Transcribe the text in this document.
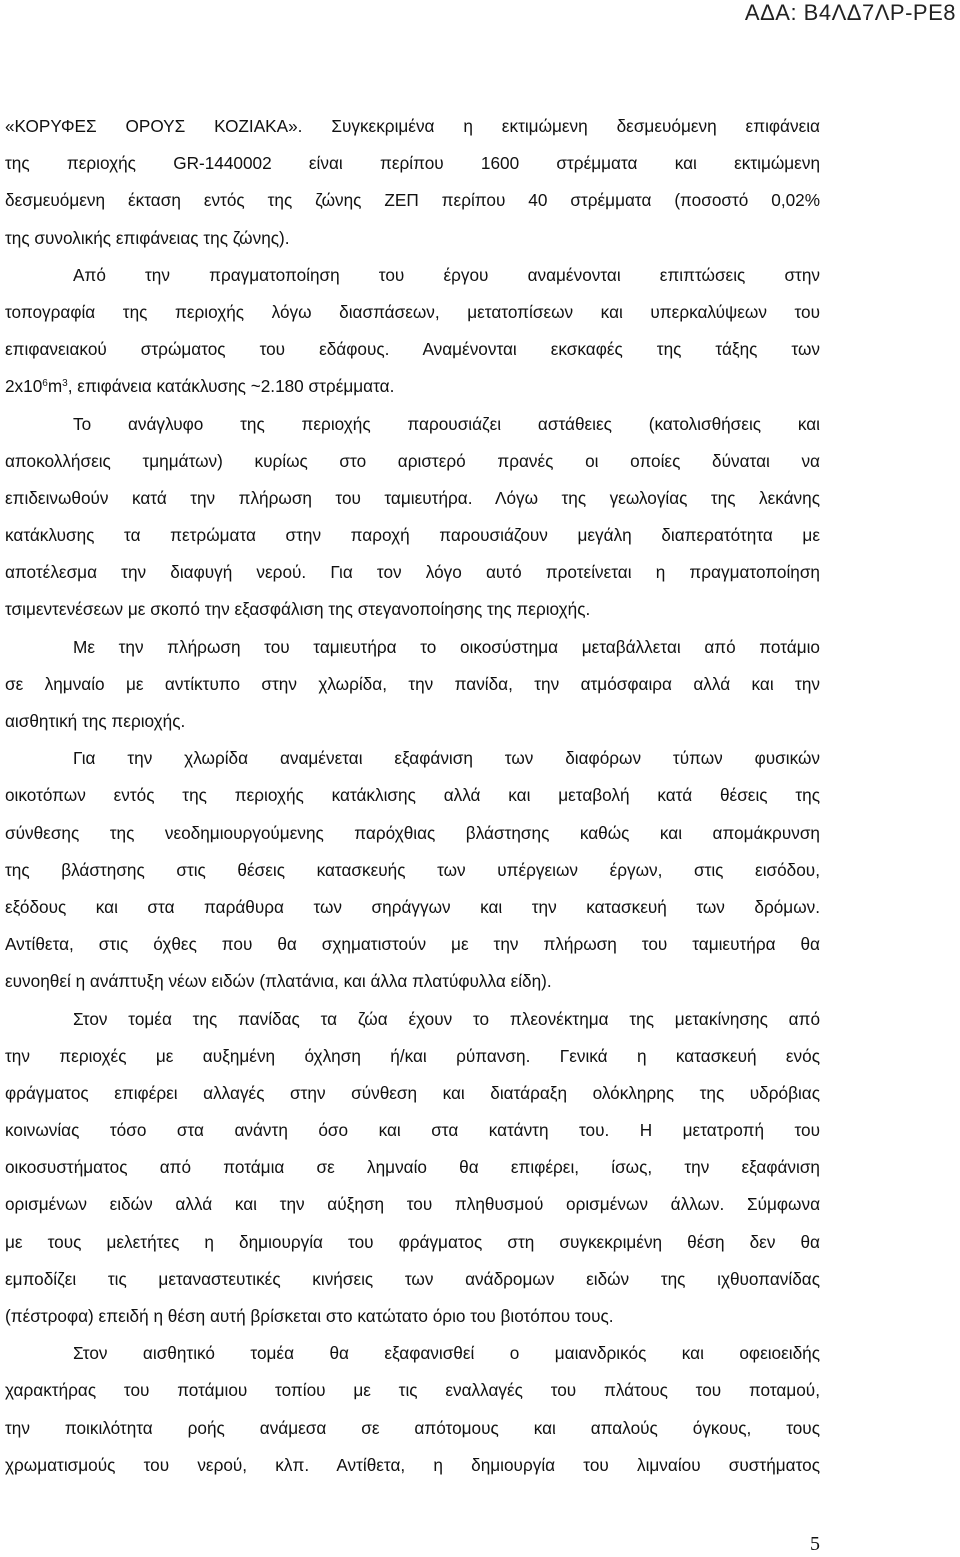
ΑΔΑ: Β4ΛΔ7ΛΡ-ΡΕ8
«ΚΟΡΥΦΕΣ ΟΡΟΥΣ ΚΟΖΙΑΚΑ». Συγκεκριμένα η εκτιμώμενη δεσμευόμενη επιφάνεια
της περιοχής GR-1440002 είναι περίπου 1600 στρέμματα και εκτιμώμενη
δεσμευόμενη έκταση εντός της ζώνης ΖΕΠ περίπου 40 στρέμματα (ποσοστό 0,02%
της συνολικής επιφάνειας της ζώνης).
Από την πραγματοποίηση του έργου αναμένονται επιπτώσεις στην
τοπογραφία της περιοχής λόγω διασπάσεων, μετατοπίσεων και υπερκαλύψεων του
επιφανειακού στρώματος του εδάφους. Αναμένονται εκσκαφές της τάξης των
$2x10^6m^3$, επιφάνεια κατάκλυσης ~2.180 στρέμματα.
Το ανάγλυφο της περιοχής παρουσιάζει αστάθειες (κατολισθήσεις και
αποκολλήσεις τμημάτων) κυρίως στο αριστερό πρανές οι οποίες δύναται να
επιδεινωθούν κατά την πλήρωση του ταμιευτήρα. Λόγω της γεωλογίας της λεκάνης
κατάκλυσης τα πετρώματα στην παροχή παρουσιάζουν μεγάλη διαπερατότητα με
αποτέλεσμα την διαφυγή νερού. Για τον λόγο αυτό προτείνεται η πραγματοποίηση
τσιμεντενέσεων με σκοπό την εξασφάλιση της στεγανοποίησης της περιοχής.
Με την πλήρωση του ταμιευτήρα το οικοσύστημα μεταβάλλεται από ποτάμιο
σε λημναίο με αντίκτυπο στην χλωρίδα, την πανίδα, την ατμόσφαιρα αλλά και την
αισθητική της περιοχής.
Για την χλωρίδα αναμένεται εξαφάνιση των διαφόρων τύπων φυσικών
οικοτόπων εντός της περιοχής κατάκλισης αλλά και μεταβολή κατά θέσεις της
σύνθεσης της νεοδημιουργούμενης παρόχθιας βλάστησης καθώς και απομάκρυνση
της βλάστησης στις θέσεις κατασκευής των υπέργειων έργων, στις εισόδου,
εξόδους και στα παράθυρα των σηράγγων και την κατασκευή των δρόμων.
Αντίθετα, στις όχθες που θα σχηματιστούν με την πλήρωση του ταμιευτήρα θα
ευνοηθεί η ανάπτυξη νέων ειδών (πλατάνια, και άλλα πλατύφυλλα είδη).
Στον τομέα της πανίδας τα ζώα έχουν το πλεονέκτημα της μετακίνησης από
την περιοχές με αυξημένη όχληση ή/και ρύπανση. Γενικά η κατασκευή ενός
φράγματος επιφέρει αλλαγές στην σύνθεση και διατάραξη ολόκληρης της υδρόβιας
κοινωνίας τόσο στα ανάντη όσο και στα κατάντη του. Η μετατροπή του
οικοσυστήματος από ποτάμια σε λημναίο θα επιφέρει, ίσως, την εξαφάνιση
ορισμένων ειδών αλλά και την αύξηση του πληθυσμού ορισμένων άλλων. Σύμφωνα
με τους μελετήτες η δημιουργία του φράγματος στη συγκεκριμένη θέση δεν θα
εμποδίζει τις μεταναστευτικές κινήσεις των ανάδρομων ειδών της ιχθυοπανίδας
(πέστροφα) επειδή η θέση αυτή βρίσκεται στο κατώτατο όριο του βιοτόπου τους.
Στον αισθητικό τομέα θα εξαφανισθεί ο μαιανδρικός και οφειοειδής
χαρακτήρας του ποτάμιου τοπίου με τις εναλλαγές του πλάτους του ποταμού,
την ποικιλότητα ροής ανάμεσα σε απότομους και απαλούς όγκους, τους
χρωματισμούς του νερού, κλπ. Αντίθετα, η δημιουργία του λιμναίου συστήματος
5
